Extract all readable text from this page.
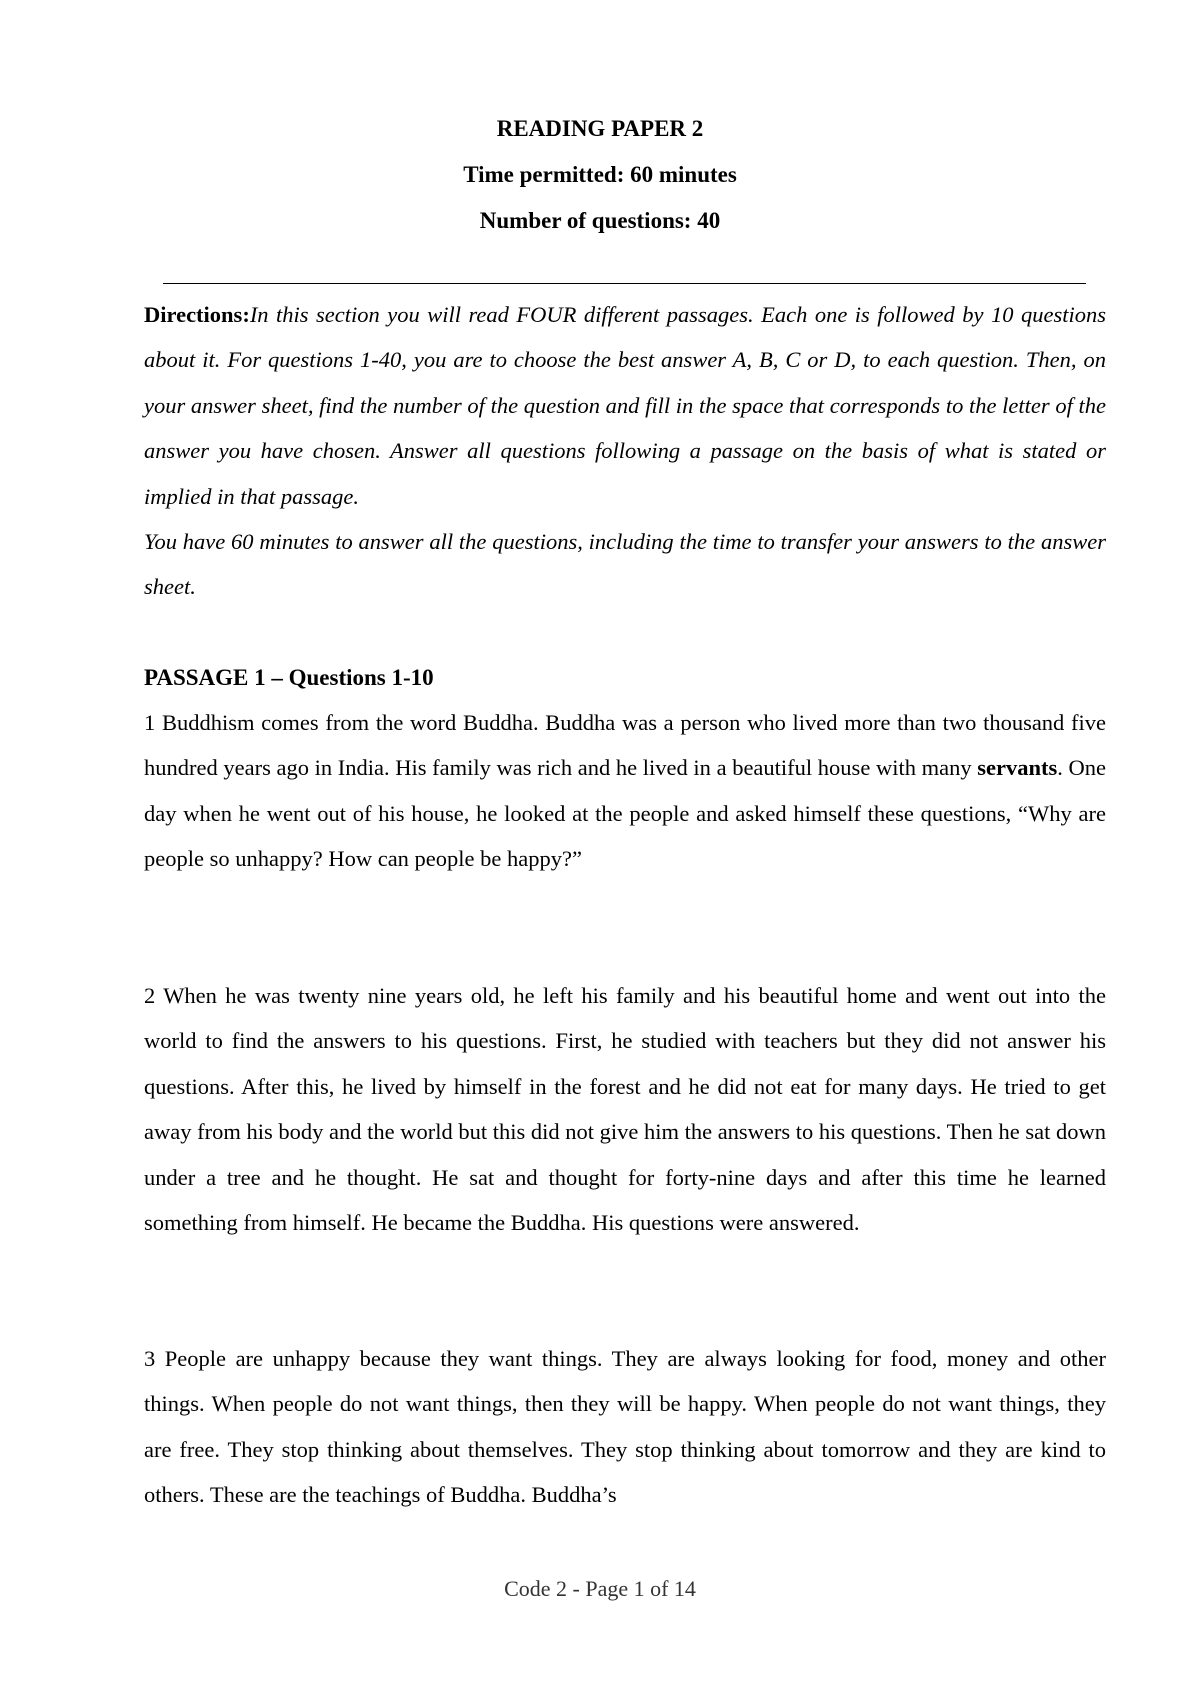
READING PAPER 2
Time permitted: 60 minutes
Number of questions: 40

Directions:In this section you will read FOUR different passages. Each one is followed by 10 questions about it. For questions 1-40, you are to choose the best answer A, B, C or D, to each question. Then, on your answer sheet, find the number of the question and fill in the space that corresponds to the letter of the answer you have chosen. Answer all questions following a passage on the basis of what is stated or implied in that passage.

You have 60 minutes to answer all the questions, including the time to transfer your answers to the answer sheet.

PASSAGE 1 – Questions 1-10

1 Buddhism comes from the word Buddha. Buddha was a person who lived more than two thousand five hundred years ago in India. His family was rich and he lived in a beautiful house with many servants. One day when he went out of his house, he looked at the people and asked himself these questions, “Why are people so unhappy? How can people be happy?”

2 When he was twenty nine years old, he left his family and his beautiful home and went out into the world to find the answers to his questions. First, he studied with teachers but they did not answer his questions. After this, he lived by himself in the forest and he did not eat for many days. He tried to get away from his body and the world but this did not give him the answers to his questions. Then he sat down under a tree and he thought. He sat and thought for forty-nine days and after this time he learned something from himself. He became the Buddha. His questions were answered.

3 People are unhappy because they want things. They are always looking for food, money and other things. When people do not want things, then they will be happy. When people do not want things, they are free. They stop thinking about themselves. They stop thinking about tomorrow and they are kind to others. These are the teachings of Buddha. Buddha’s

Code 2 - Page 1 of 14
